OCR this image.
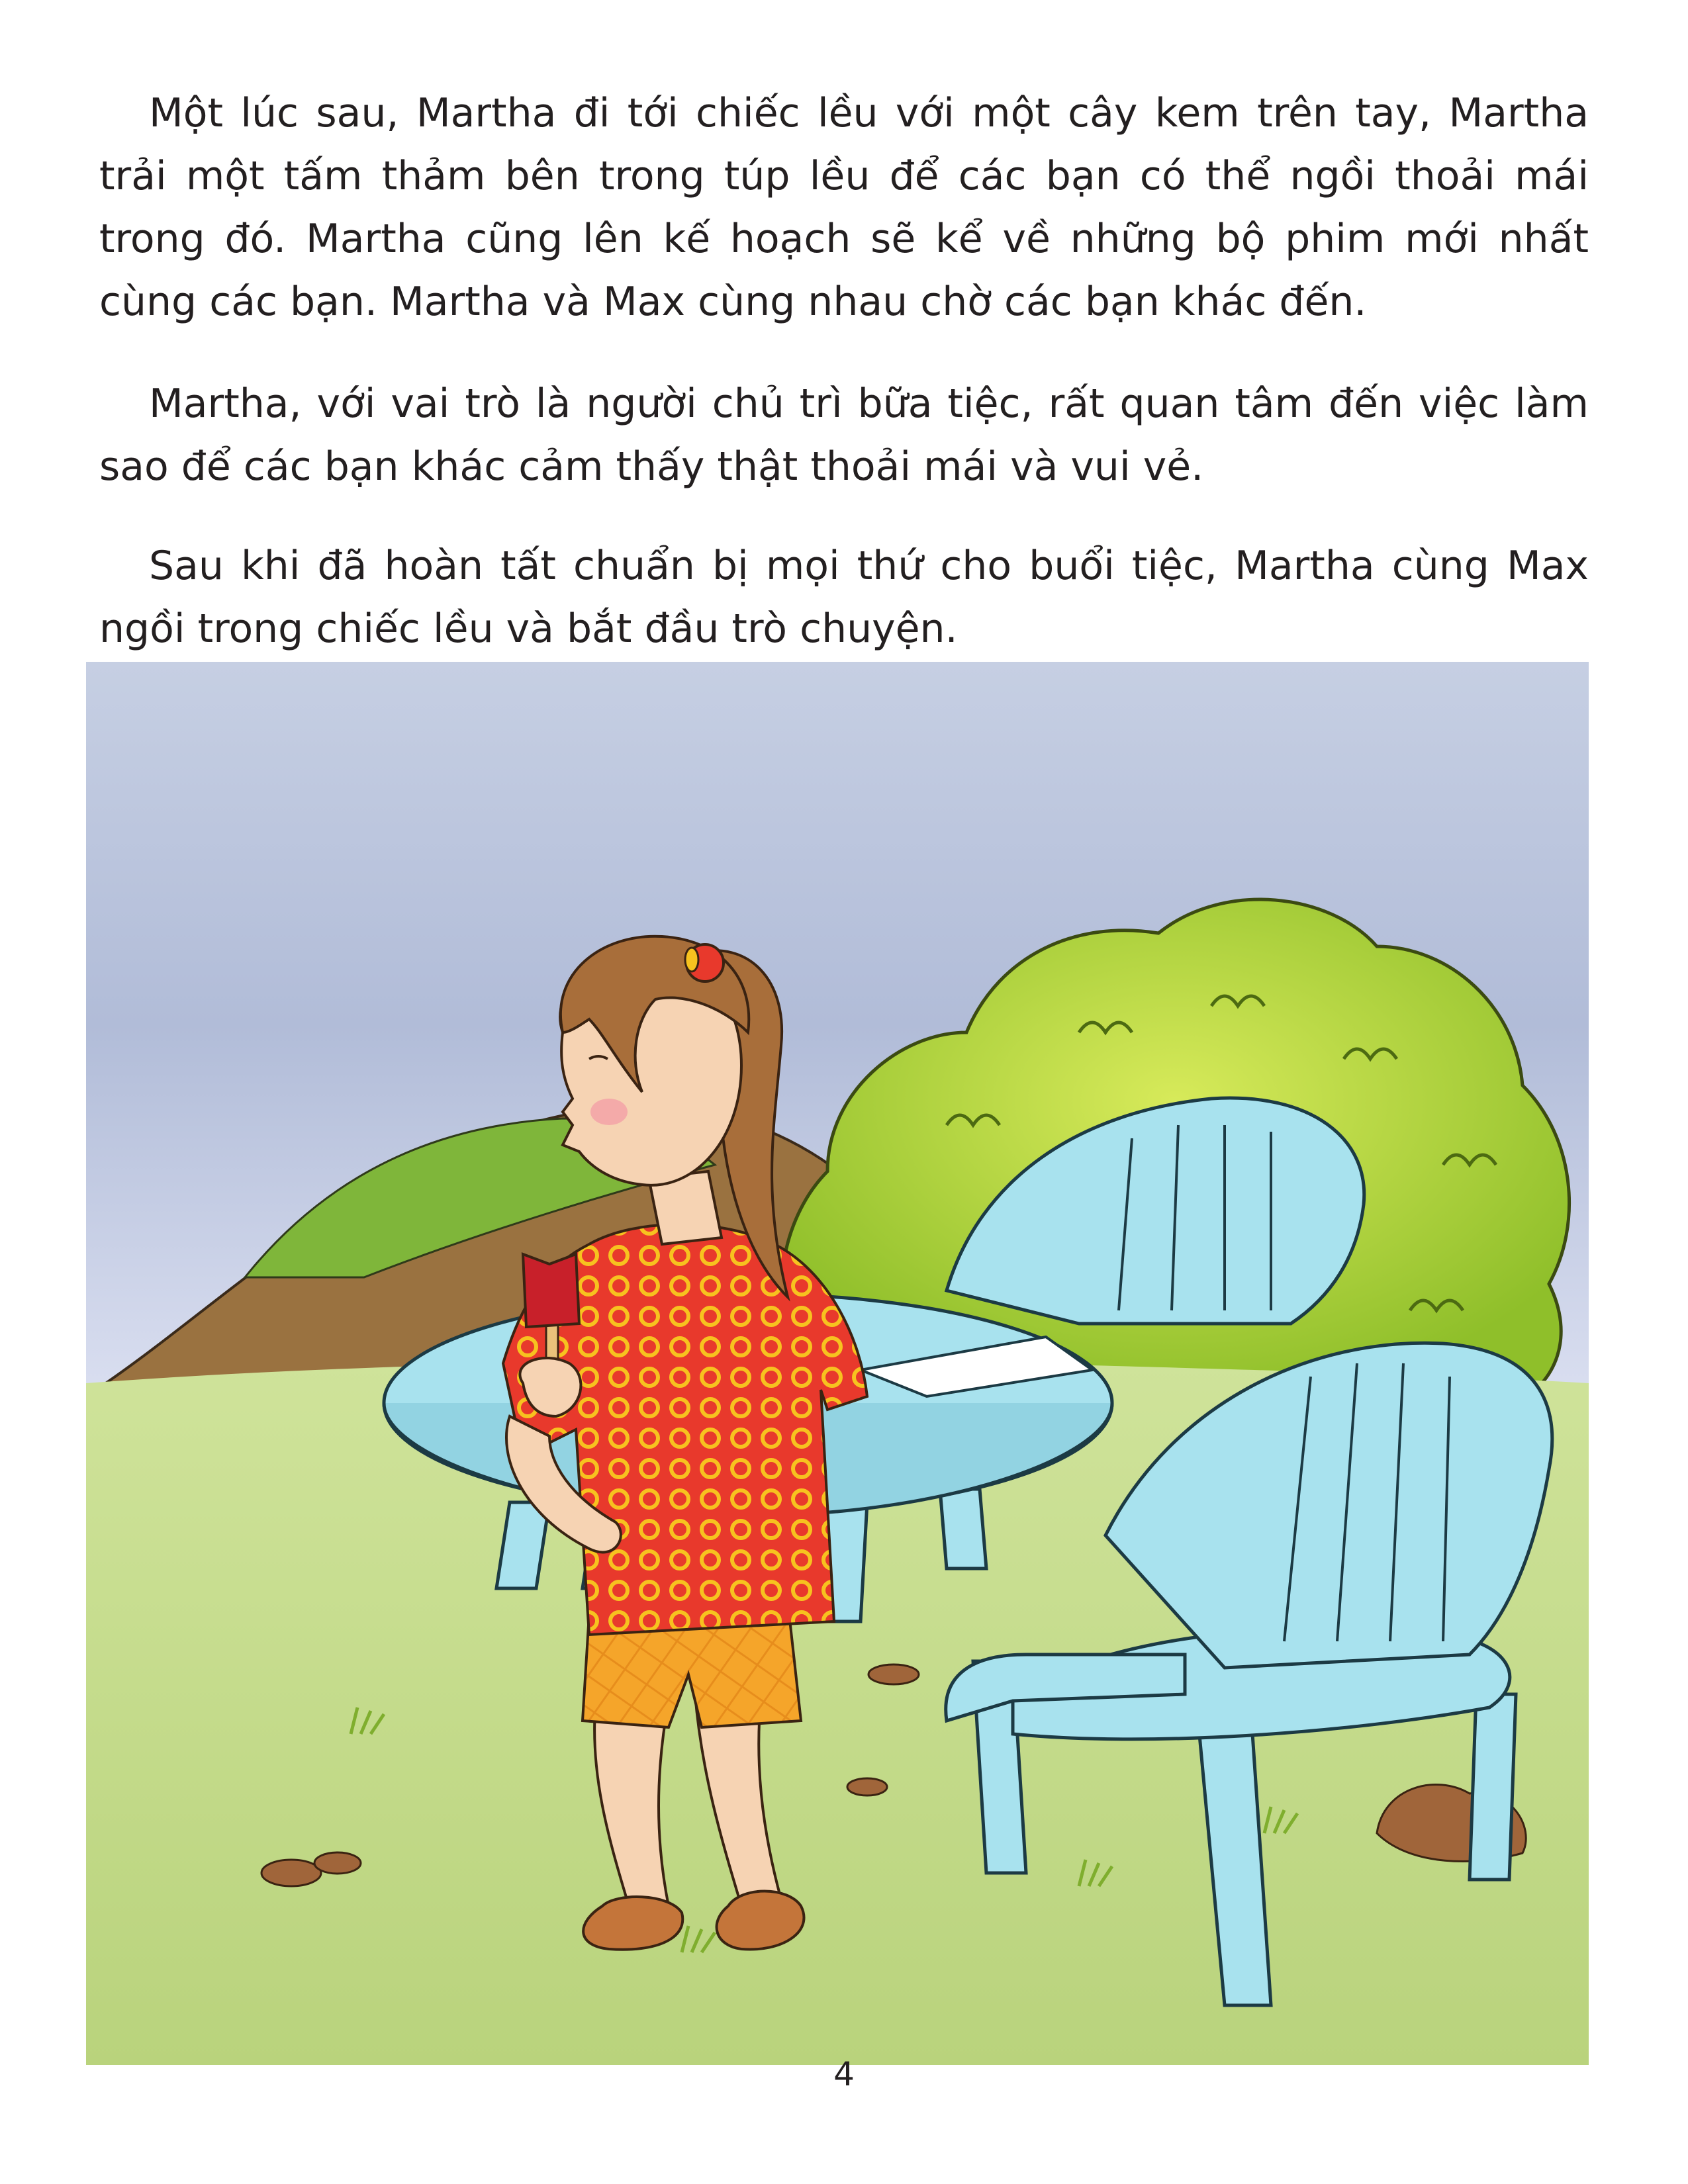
Một lúc sau, Martha đi tới chiếc lều với một cây kem trên tay, Martha trải một tấm thảm bên trong túp lều để các bạn có thể ngồi thoải mái trong đó. Martha cũng lên kế hoạch sẽ kể về những bộ phim mới nhất cùng các bạn. Martha và Max cùng nhau chờ các bạn khác đến.

Martha, với vai trò là người chủ trì bữa tiệc, rất quan tâm đến việc làm sao để các bạn khác cảm thấy thật thoải mái và vui vẻ.

Sau khi đã hoàn tất chuẩn bị mọi thứ cho buổi tiệc, Martha cùng Max ngồi trong chiếc lều và bắt đầu trò chuyện.

4
